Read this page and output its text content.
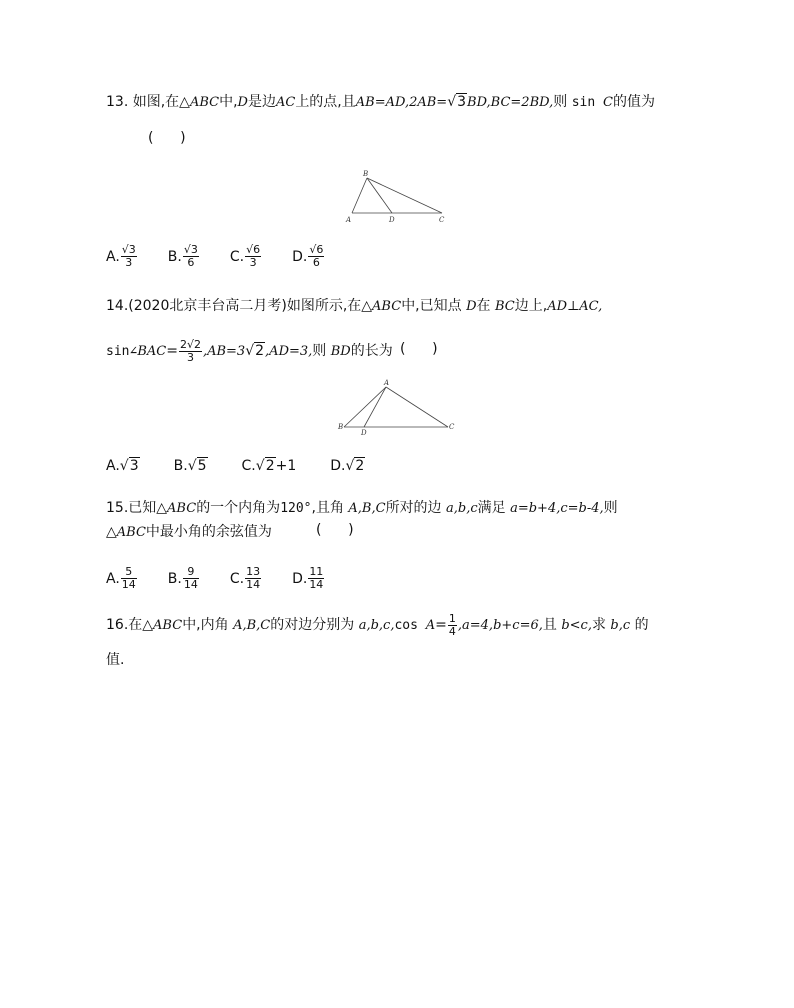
13. 如图,在△ABC中,D是边AC上的点,且AB=AD,2AB=√3BD,BC=2BD,则 sin C的值为
(      )
B
A	D	C
A. $\frac{√3}{3} B$. $\frac{√3}{6} C$. $\frac{√6}{3} D$. $\frac{√6}{6}$
14.(2020北京丰台高二月考)如图所示,在△ABC中,已知点 D在 BC边上,AD⊥AC,
sin∠BAC= $\frac{2√2}{3} ,AB=3√2,AD=3$,则 BD的长为 (      )
A
B
D
C
A. √3	B. √5	C. √2 +1 D. √2
15.已知△ABC的一个内角为120°,且角 A,B,C所对的边 a,b,c满足 a=b+4,c=b-4,则
△ABC中最小角的余弦值为	(      )
A. $\frac{5}{14} B$. $\frac{9}{14} C$. $\frac{13}{14} D$. $\frac{11}{14}$
16.在△ABC中,内角 A,B,C的对边分别为 a,b,c,cos $A= \frac{1}{4} ,a=4,b+c=6$,且 b<c,求 b,c 的
值.
